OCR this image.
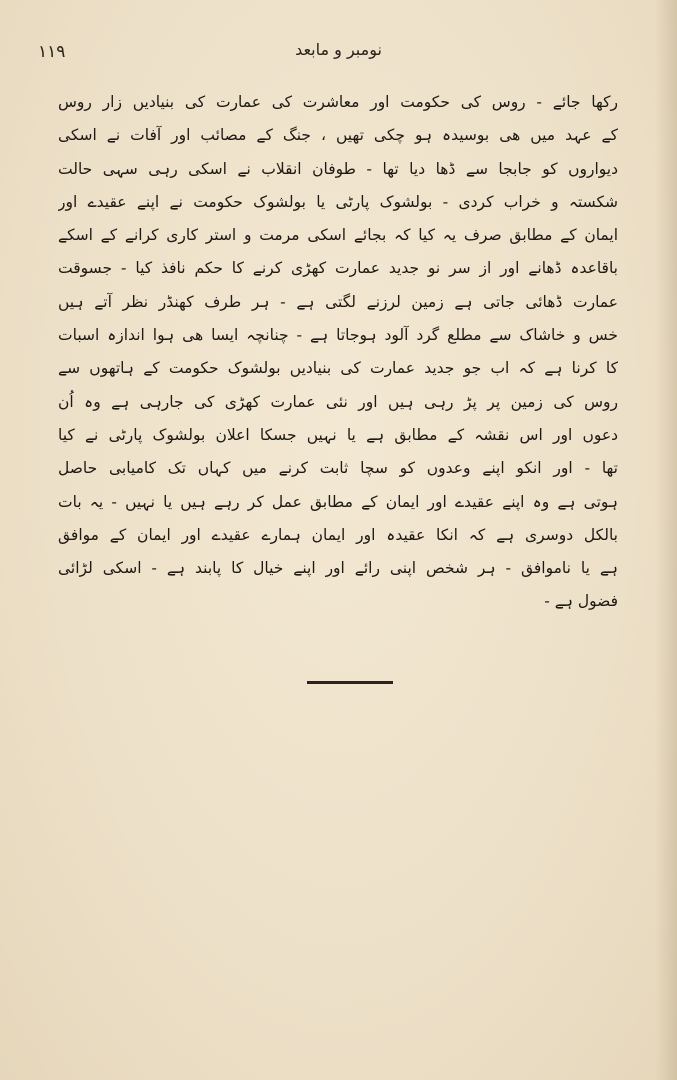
۱۱۹	نومبر و مابعد
رکھا جائے - روس کی حکومت اور معاشرت کی عمارت کی بنیادیں زار روس
کے عہد میں ھی بوسیدہ ہو چکی تھیں ، جنگ کے مصائب اور آفات نے اسکی
دیواروں کو جابجا سے ڈھا دیا تھا - طوفان انقلاب نے اسکی رہی سہی حالت
شکستہ و خراب کردی - بولشوک پارٹی یا بولشوک حکومت نے اپنے عقیدے اور
ایمان کے مطابق صرف یہ کیا کہ بجائے اسکی مرمت و استر کاری کرانے کے اسکے
باقاعدہ ڈھانے اور از سر نو جدید عمارت کھڑی کرنے کا حکم نافذ کیا - جسوقت
عمارت ڈھائی جاتی ہے زمین لرزنے لگتی ہے - ہر طرف کھنڈر نظر آتے ہیں
خس و خاشاک سے مطلع گرد آلود ہوجاتا ہے - چنانچہ ایسا ھی ہوا اندازہ اسبات
کا کرنا ہے کہ اب جو جدید عمارت کی بنیادیں بولشوک حکومت کے ہاتھوں سے
روس کی زمین پر پڑ رہی ہیں اور نئی عمارت کھڑی کی جارہی ہے وہ اُن
دعوں اور اس نقشہ کے مطابق ہے یا نہیں جسکا اعلان بولشوک پارٹی نے کیا
تھا - اور انکو اپنے وعدوں کو سچا ثابت کرنے میں کہاں تک کامیابی حاصل
ہوتی ہے وہ اپنے عقیدے اور ایمان کے مطابق عمل کر رہے ہیں یا نہیں - یہ بات
بالکل دوسری ہے کہ انکا عقیدہ اور ایمان ہمارے عقیدے اور ایمان کے موافق
ہے یا ناموافق - ہر شخص اپنی رائے اور اپنے خیال کا پابند ہے - اسکی لڑائی
فضول ہے -
